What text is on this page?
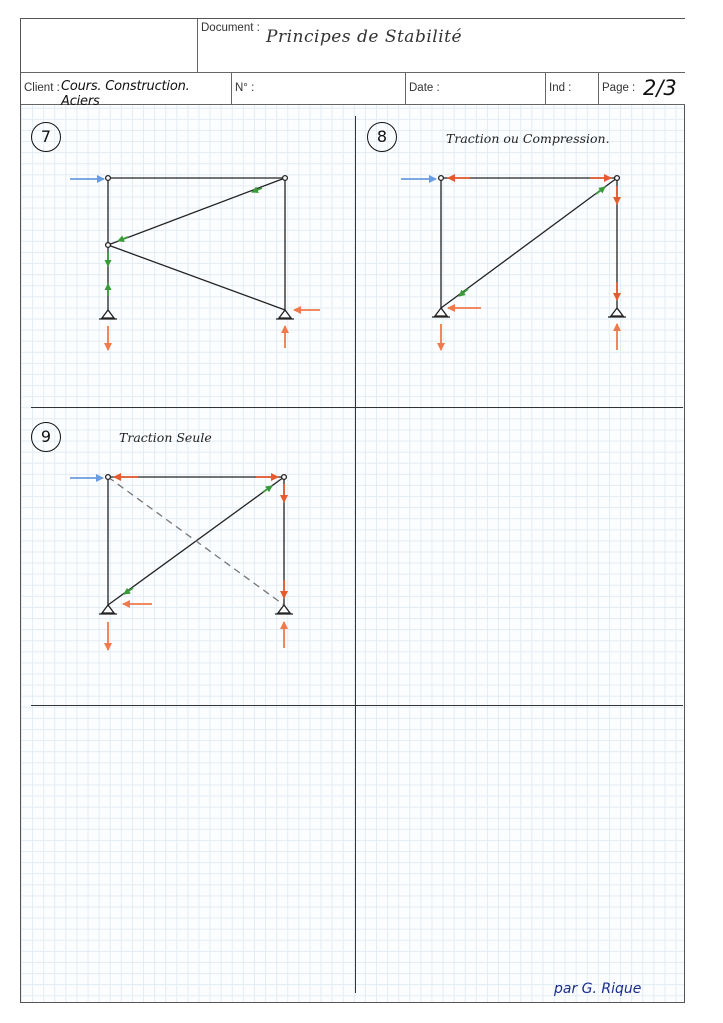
Document : Principes de Stabilité
Client : Cours. Construction. Aciers
N° :	Date :	Ind :	Page : 2/3
7	8	Traction ou Compression.
9	Traction Seule
par G. Rique
